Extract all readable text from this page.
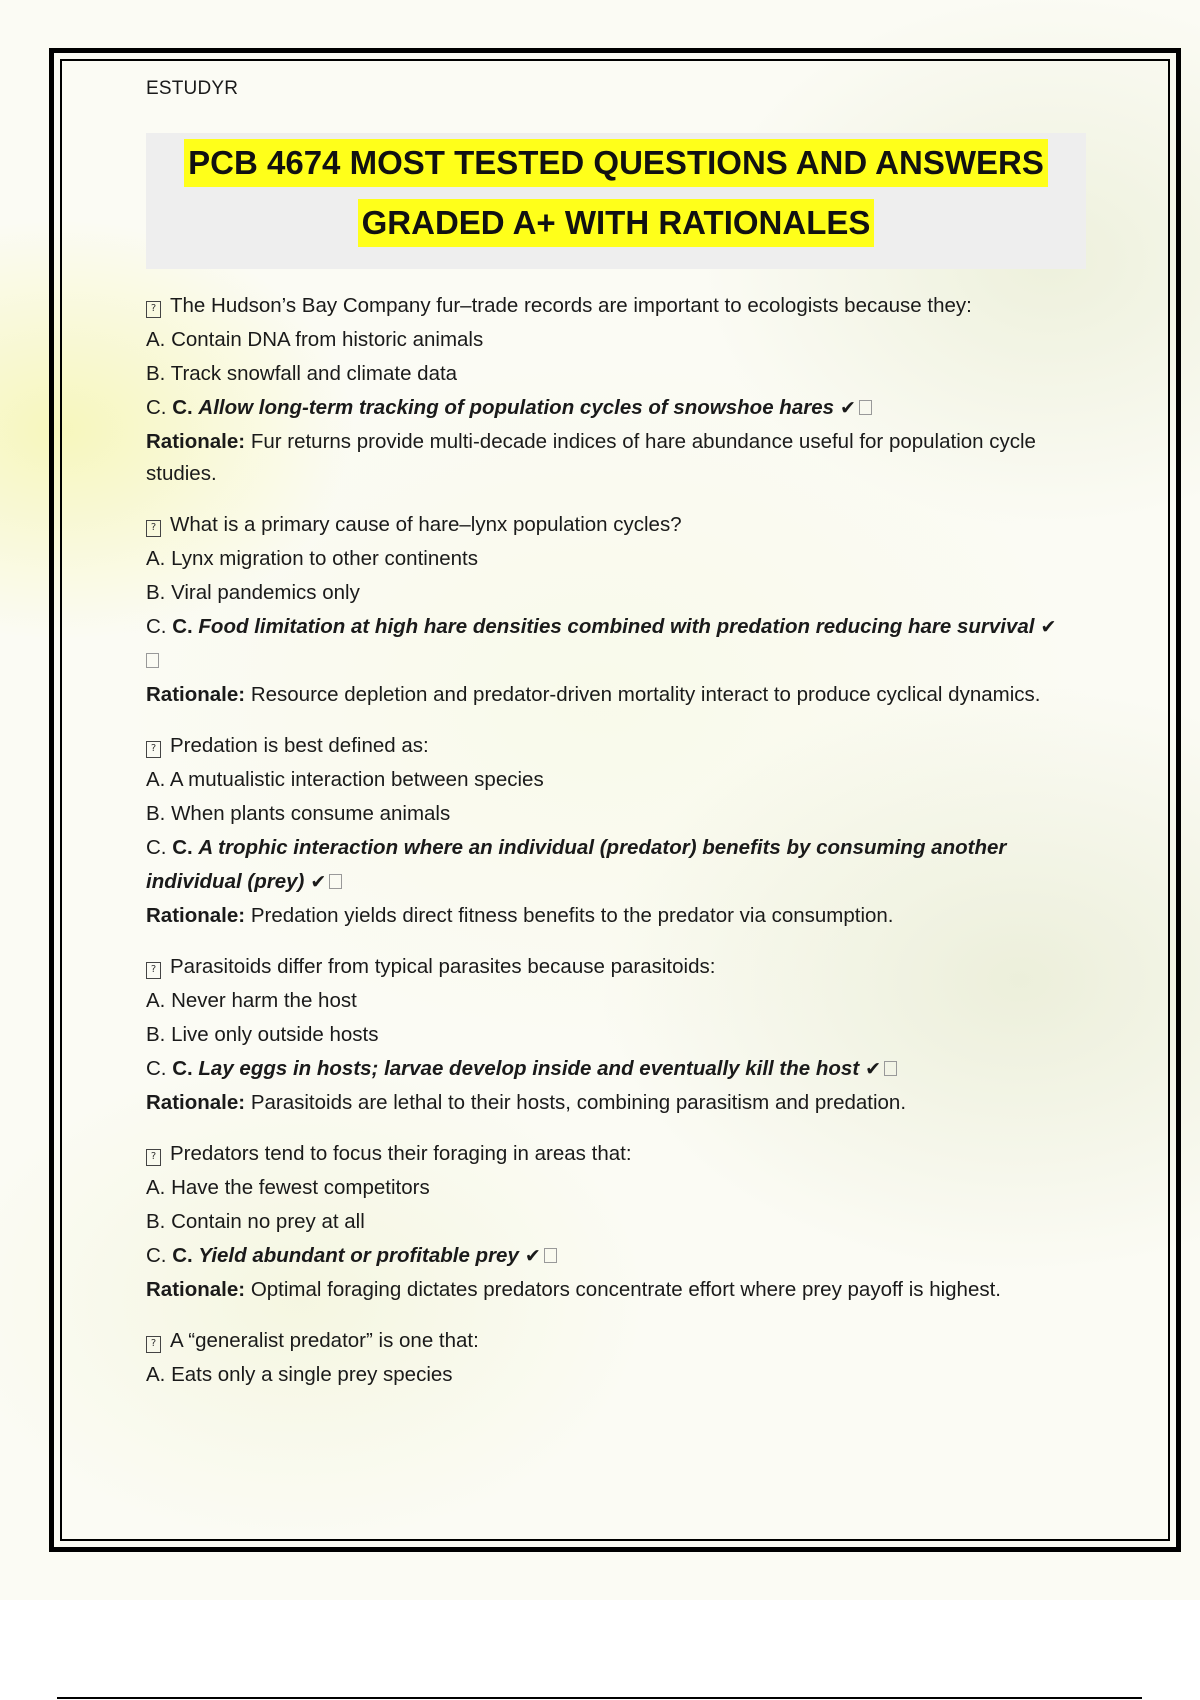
ESTUDYR
PCB 4674 MOST TESTED QUESTIONS AND ANSWERS
GRADED A+ WITH RATIONALES
? The Hudson’s Bay Company fur–trade records are important to ecologists because they:
A. Contain DNA from historic animals
B. Track snowfall and climate data
C. C. Allow long-term tracking of population cycles of snowshoe hares ✔
Rationale: Fur returns provide multi-decade indices of hare abundance useful for population cycle studies.
? What is a primary cause of hare–lynx population cycles?
A. Lynx migration to other continents
B. Viral pandemics only
C. C. Food limitation at high hare densities combined with predation reducing hare survival ✔

Rationale: Resource depletion and predator-driven mortality interact to produce cyclical dynamics.
? Predation is best defined as:
A. A mutualistic interaction between species
B. When plants consume animals
C. C. A trophic interaction where an individual (predator) benefits by consuming another individual (prey) ✔
Rationale: Predation yields direct fitness benefits to the predator via consumption.
? Parasitoids differ from typical parasites because parasitoids:
A. Never harm the host
B. Live only outside hosts
C. C. Lay eggs in hosts; larvae develop inside and eventually kill the host ✔
Rationale: Parasitoids are lethal to their hosts, combining parasitism and predation.
? Predators tend to focus their foraging in areas that:
A. Have the fewest competitors
B. Contain no prey at all
C. C. Yield abundant or profitable prey ✔
Rationale: Optimal foraging dictates predators concentrate effort where prey payoff is highest.
? A “generalist predator” is one that:
A. Eats only a single prey species
